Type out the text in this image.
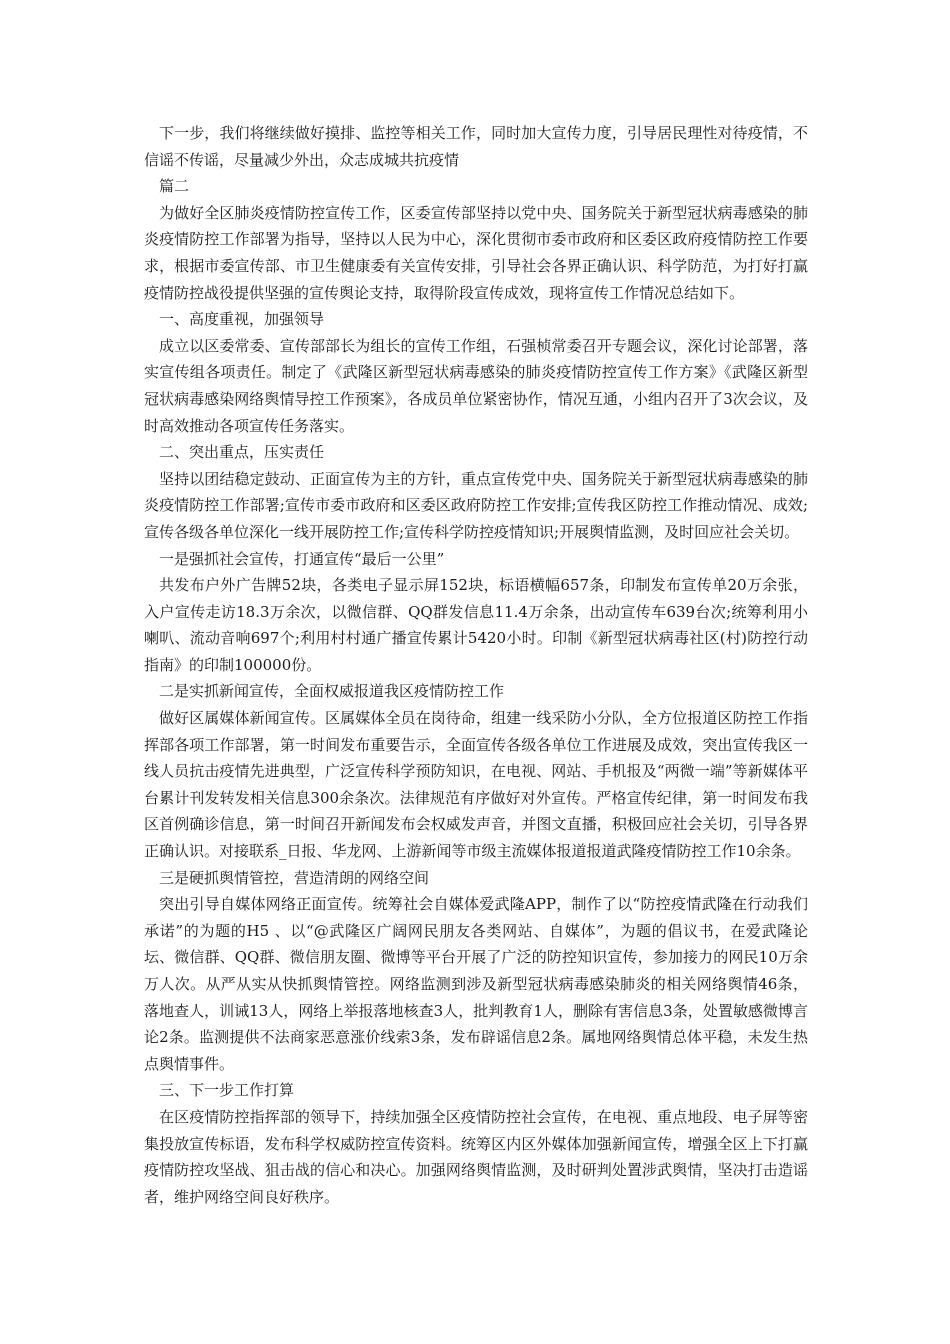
下一步，我们将继续做好摸排、监控等相关工作，同时加大宣传力度，引导居民理性对待疫情，不信谣不传谣，尽量减少外出，众志成城共抗疫情

篇二

为做好全区肺炎疫情防控宣传工作，区委宣传部坚持以党中央、国务院关于新型冠状病毒感染的肺炎疫情防控工作部署为指导，坚持以人民为中心，深化贯彻市委市政府和区委区政府疫情防控工作要求，根据市委宣传部、市卫生健康委有关宣传安排，引导社会各界正确认识、科学防范，为打好打赢疫情防控战役提供坚强的宣传舆论支持，取得阶段宣传成效，现将宣传工作情况总结如下。

一、高度重视，加强领导

成立以区委常委、宣传部部长为组长的宣传工作组，石强桢常委召开专题会议，深化讨论部署，落实宣传组各项责任。制定了《武隆区新型冠状病毒感染的肺炎疫情防控宣传工作方案》《武隆区新型冠状病毒感染网络舆情导控工作预案》，各成员单位紧密协作，情况互通，小组内召开了3次会议，及时高效推动各项宣传任务落实。

二、突出重点，压实责任

坚持以团结稳定鼓动、正面宣传为主的方针，重点宣传党中央、国务院关于新型冠状病毒感染的肺炎疫情防控工作部署;宣传市委市政府和区委区政府防控工作安排;宣传我区防控工作推动情况、成效;宣传各级各单位深化一线开展防控工作;宣传科学防控疫情知识;开展舆情监测，及时回应社会关切。

一是强抓社会宣传，打通宣传“最后一公里”

共发布户外广告牌52块，各类电子显示屏152块，标语横幅657条，印制发布宣传单20万余张，入户宣传走访18.3万余次，以微信群、QQ群发信息11.4万余条，出动宣传车639台次;统筹利用小喇叭、流动音响697个;利用村村通广播宣传累计5420小时。印制《新型冠状病毒社区(村)防控行动指南》的印制100000份。

二是实抓新闻宣传，全面权威报道我区疫情防控工作

做好区属媒体新闻宣传。区属媒体全员在岗待命，组建一线采防小分队，全方位报道区防控工作指挥部各项工作部署，第一时间发布重要告示，全面宣传各级各单位工作进展及成效，突出宣传我区一线人员抗击疫情先进典型，广泛宣传科学预防知识，在电视、网站、手机报及“两微一端”等新媒体平台累计刊发转发相关信息300余条次。法律规范有序做好对外宣传。严格宣传纪律，第一时间发布我区首例确诊信息，第一时间召开新闻发布会权威发声音，并图文直播，积极回应社会关切，引导各界正确认识。对接联系_日报、华龙网、上游新闻等市级主流媒体报道报道武隆疫情防控工作10余条。

三是硬抓舆情管控，营造清朗的网络空间

突出引导自媒体网络正面宣传。统筹社会自媒体爱武隆APP，制作了以“防控疫情武隆在行动我们承诺”的为题的H5 、以“@武隆区广阔网民朋友各类网站、自媒体”，为题的倡议书，在爱武隆论坛、微信群、QQ群、微信朋友圈、微博等平台开展了广泛的防控知识宣传，参加接力的网民10万余万人次。从严从实从快抓舆情管控。网络监测到涉及新型冠状病毒感染肺炎的相关网络舆情46条，落地查人，训诫13人，网络上举报落地核查3人，批判教育1人，删除有害信息3条，处置敏感微博言论2条。监测提供不法商家恶意涨价线索3条，发布辟谣信息2条。属地网络舆情总体平稳，未发生热点舆情事件。

三、下一步工作打算

在区疫情防控指挥部的领导下，持续加强全区疫情防控社会宣传，在电视、重点地段、电子屏等密集投放宣传标语，发布科学权威防控宣传资料。统筹区内区外媒体加强新闻宣传，增强全区上下打赢疫情防控攻坚战、狙击战的信心和决心。加强网络舆情监测，及时研判处置涉武舆情，坚决打击造谣者，维护网络空间良好秩序。
